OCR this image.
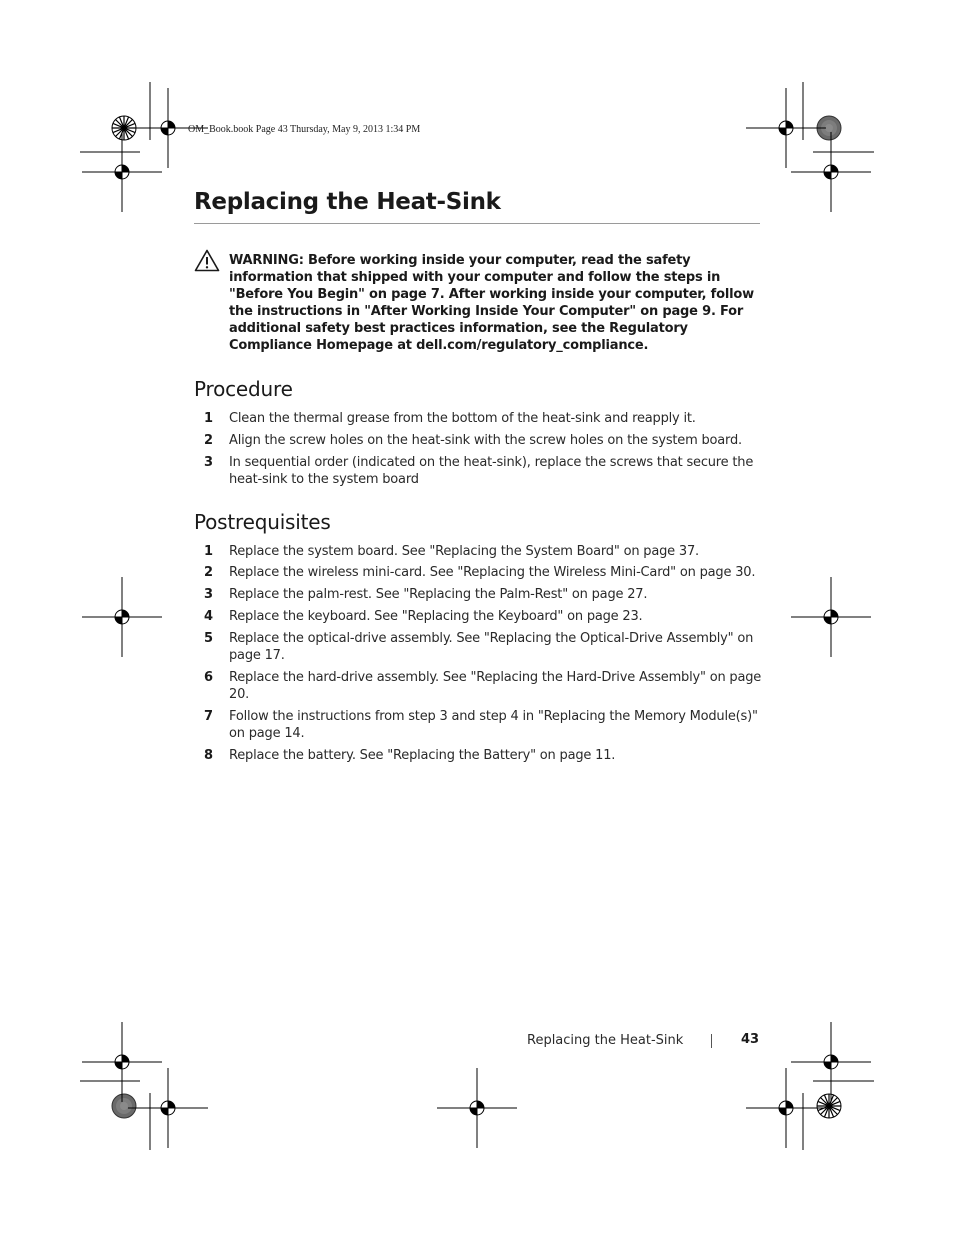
OM_Book.book Page 43 Thursday, May 9, 2013 1:34 PM
Replacing the Heat-Sink

WARNING: Before working inside your computer, read the safety information that shipped with your computer and follow the steps in "Before You Begin" on page 7. After working inside your computer, follow the instructions in "After Working Inside Your Computer" on page 9. For additional safety best practices information, see the Regulatory Compliance Homepage at dell.com/regulatory_compliance.

Procedure
1 Clean the thermal grease from the bottom of the heat-sink and reapply it.
2 Align the screw holes on the heat-sink with the screw holes on the system board.
3 In sequential order (indicated on the heat-sink), replace the screws that secure the heat-sink to the system board
Postrequisites
1 Replace the system board. See "Replacing the System Board" on page 37.
2 Replace the wireless mini-card. See "Replacing the Wireless Mini-Card" on page 30.
3 Replace the palm-rest. See "Replacing the Palm-Rest" on page 27.
4 Replace the keyboard. See "Replacing the Keyboard" on page 23.
5 Replace the optical-drive assembly. See "Replacing the Optical-Drive Assembly" on page 17.
6 Replace the hard-drive assembly. See "Replacing the Hard-Drive Assembly" on page 20.
7 Follow the instructions from step 3 and step 4 in "Replacing the Memory Module(s)" on page 14.
8 Replace the battery. See "Replacing the Battery" on page 11.
Replacing the Heat-Sink	43
